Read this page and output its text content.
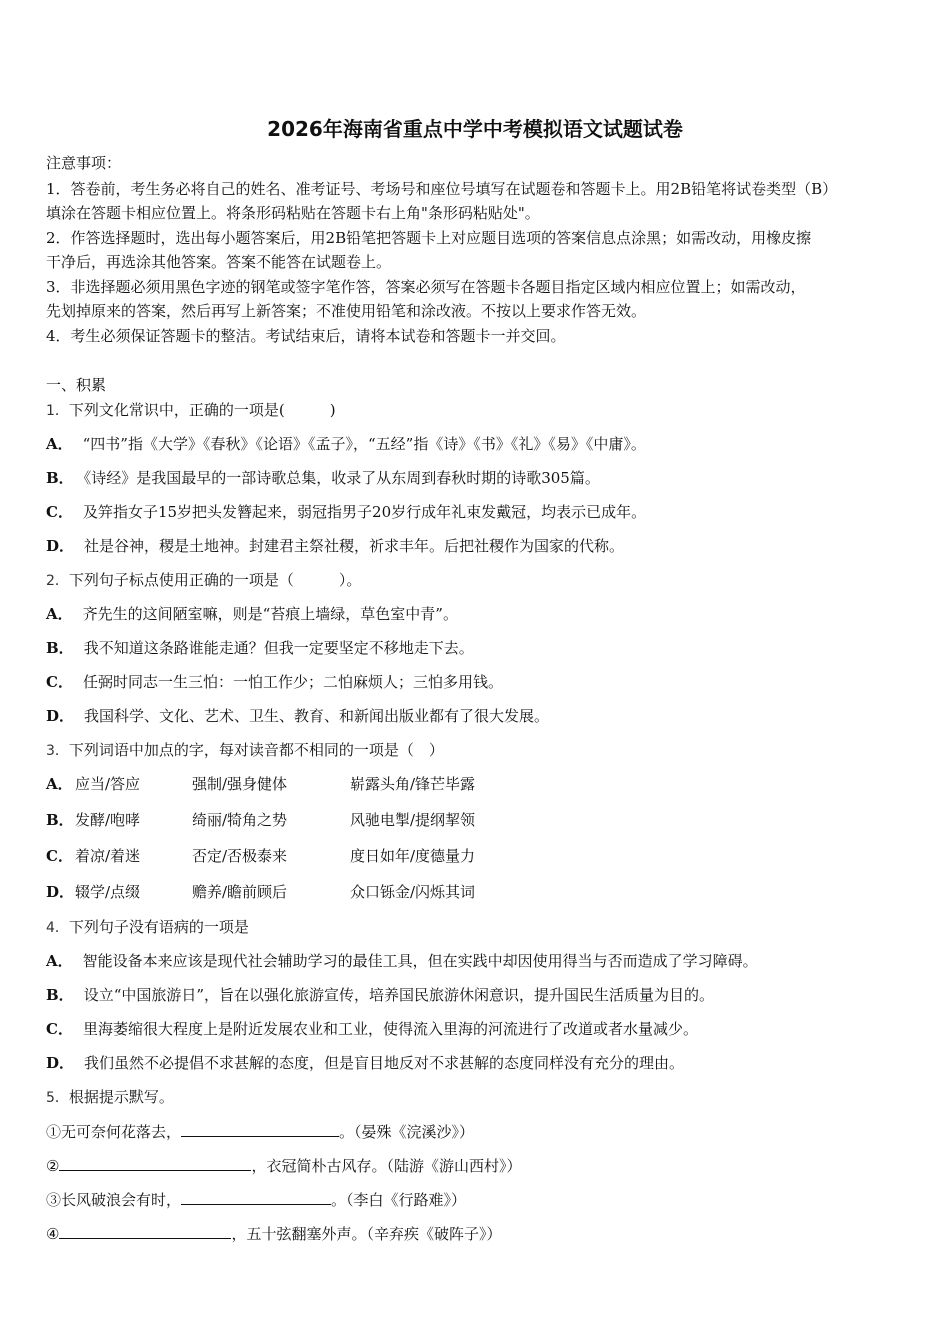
2026年海南省重点中学中考模拟语文试题试卷
注意事项：
1．答卷前，考生务必将自己的姓名、准考证号、考场号和座位号填写在试题卷和答题卡上。用2B铅笔将试卷类型（B）
填涂在答题卡相应位置上。将条形码粘贴在答题卡右上角"条形码粘贴处"。
2．作答选择题时，选出每小题答案后，用2B铅笔把答题卡上对应题目选项的答案信息点涂黑；如需改动，用橡皮擦
干净后，再选涂其他答案。答案不能答在试题卷上。
3．非选择题必须用黑色字迹的钢笔或签字笔作答，答案必须写在答题卡各题目指定区域内相应位置上；如需改动，
先划掉原来的答案，然后再写上新答案；不准使用铅笔和涂改液。不按以上要求作答无效。
4．考生必须保证答题卡的整洁。考试结束后，请将本试卷和答题卡一并交回。
一、积累
1．下列文化常识中，正确的一项是(　　　)
A． “四书”指《大学》《春秋》《论语》《孟子》，“五经”指《诗》《书》《礼》《易》《中庸》。
B． 《诗经》是我国最早的一部诗歌总集，收录了从东周到春秋时期的诗歌305篇。
C． 及笄指女子15岁把头发簪起来，弱冠指男子20岁行成年礼束发戴冠，均表示已成年。
D． 社是谷神，稷是土地神。封建君主祭社稷，祈求丰年。后把社稷作为国家的代称。
2．下列句子标点使用正确的一项是（　　　）。
A． 齐先生的这间陋室嘛，则是“苔痕上墙绿，草色室中青”。
B． 我不知道这条路谁能走通？但我一定要坚定不移地走下去。
C． 任弼时同志一生三怕：一怕工作少；二怕麻烦人；三怕多用钱。
D． 我国科学、文化、艺术、卫生、教育、和新闻出版业都有了很大发展。
3．下列词语中加点的字，每对读音都不相同的一项是（　）
A． 应当/答应	强制/强身健体	崭露头角/锋芒毕露
B． 发酵/咆哮	绮丽/犄角之势	风驰电掣/提纲挈领
C． 着凉/着迷	否定/否极泰来	度日如年/度德量力
D． 辍学/点缀	赡养/瞻前顾后	众口铄金/闪烁其词
4．下列句子没有语病的一项是
A． 智能设备本来应该是现代社会辅助学习的最佳工具，但在实践中却因使用得当与否而造成了学习障碍。
B． 设立“中国旅游日”，旨在以强化旅游宣传，培养国民旅游休闲意识，提升国民生活质量为目的。
C． 里海萎缩很大程度上是附近发展农业和工业，使得流入里海的河流进行了改道或者水量减少。
D． 我们虽然不必提倡不求甚解的态度，但是盲目地反对不求甚解的态度同样没有充分的理由。
5．根据提示默写。
①无可奈何花落去，	。（晏殊《浣溪沙》）
②	，衣冠简朴古风存。（陆游《游山西村》）
③长风破浪会有时，	。（李白《行路难》）
④	，五十弦翻塞外声。（辛弃疾《破阵子》）
